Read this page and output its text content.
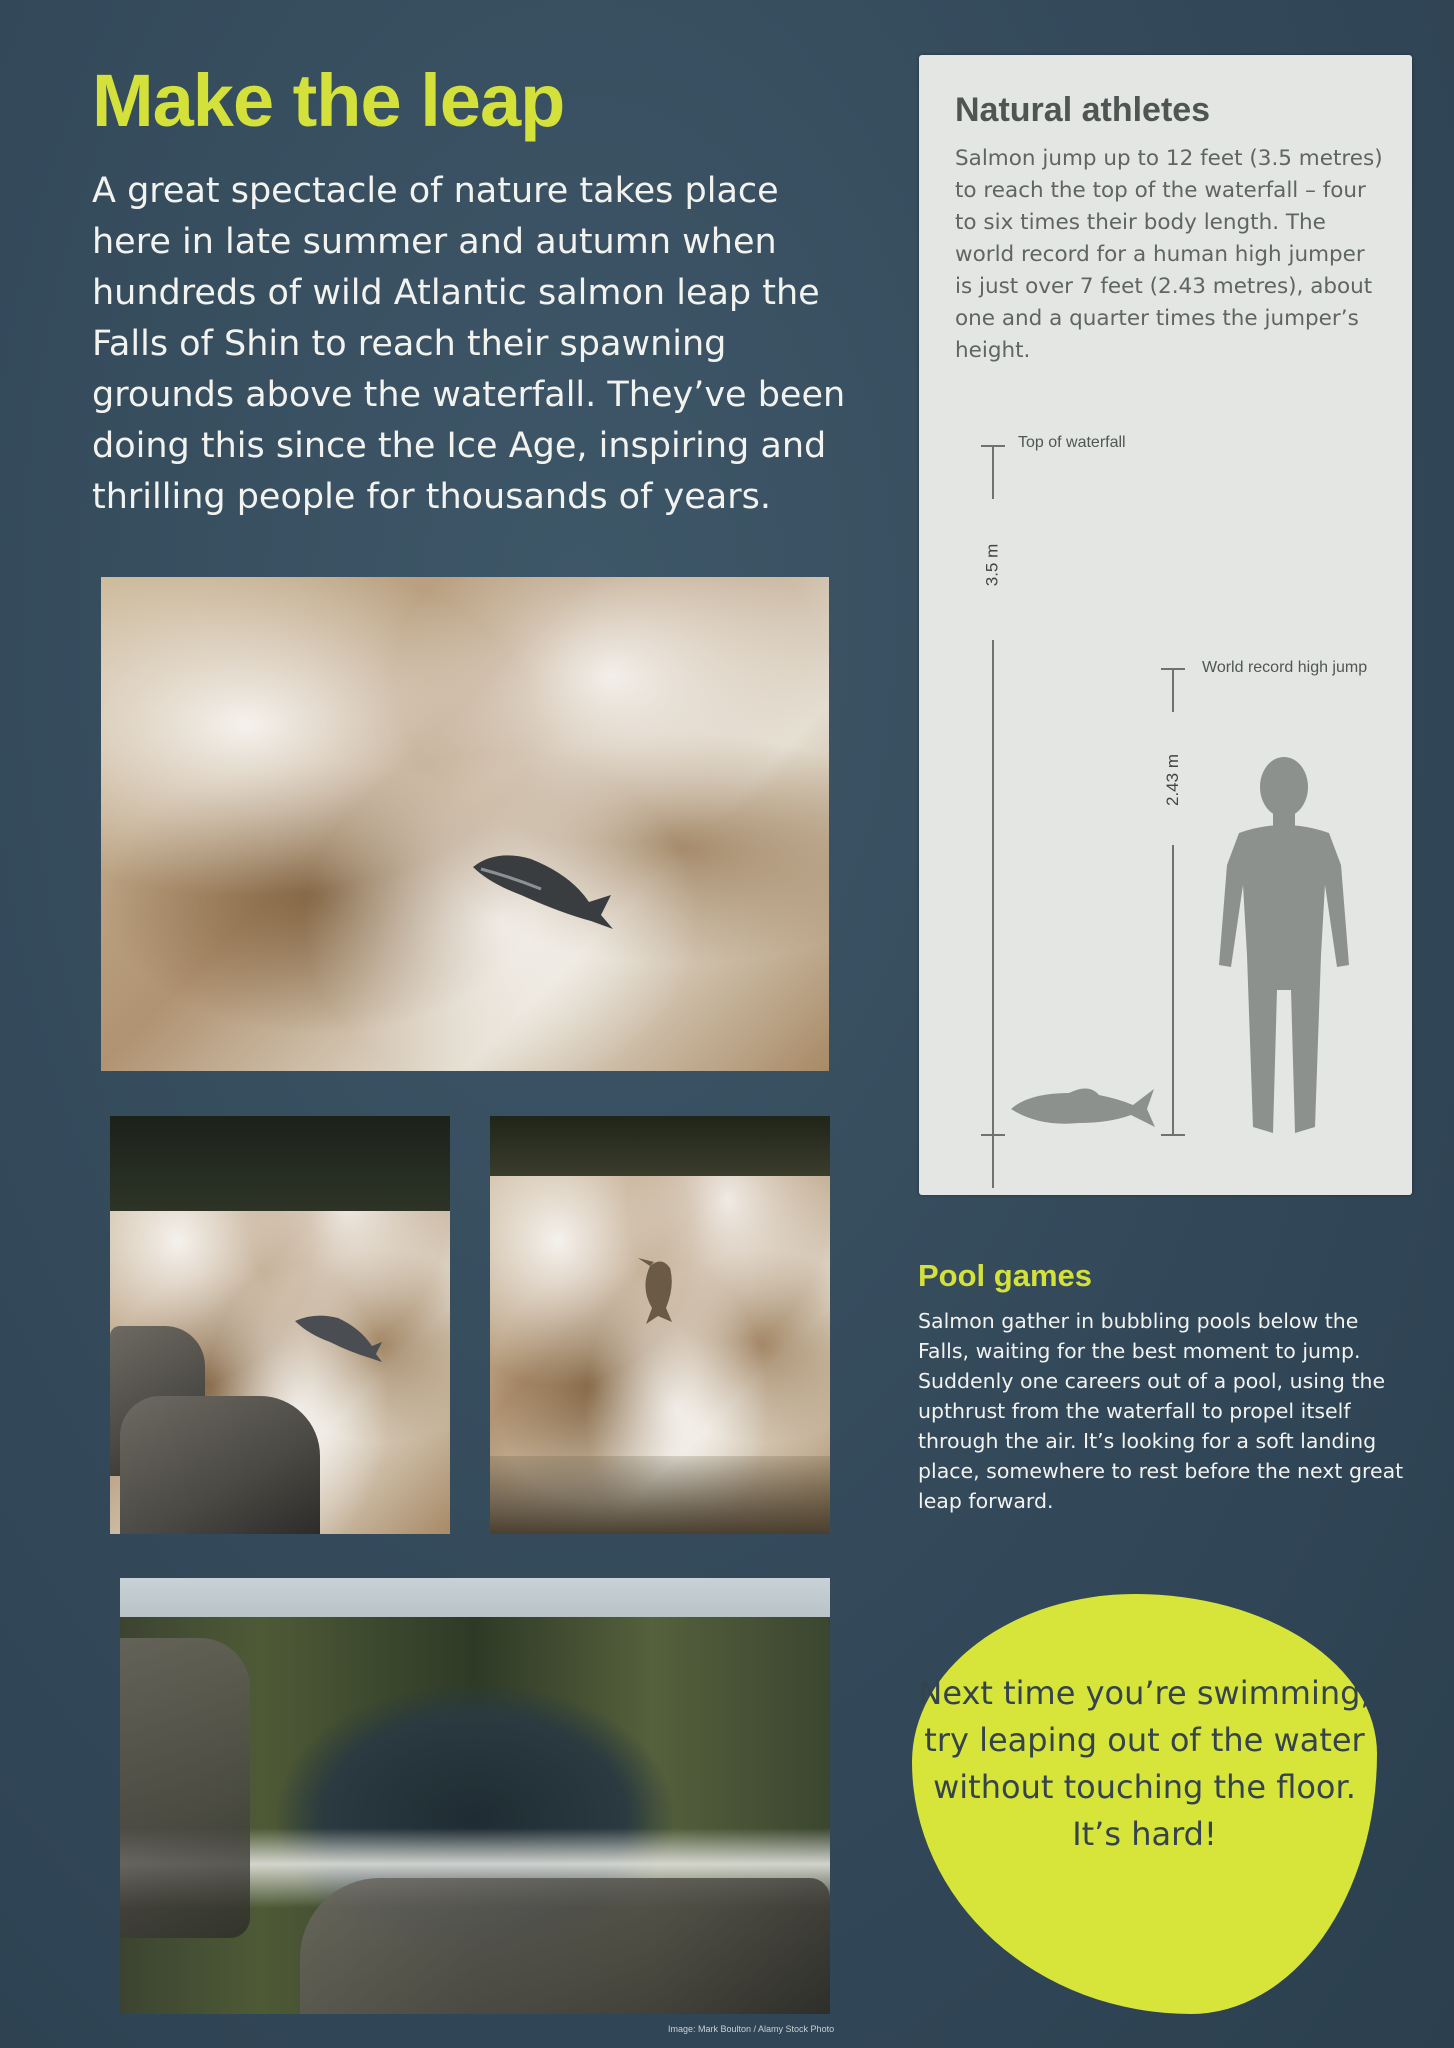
Make the leap

A great spectacle of nature takes place here in late summer and autumn when hundreds of wild Atlantic salmon leap the Falls of Shin to reach their spawning grounds above the waterfall. They’ve been doing this since the Ice Age, inspiring and thrilling people for thousands of years.

Natural athletes

Salmon jump up to 12 feet (3.5 metres) to reach the top of the waterfall – four to six times their body length. The world record for a human high jumper is just over 7 feet (2.43 metres), about one and a quarter times the jumper’s height.

3.5 m
Top of waterfall
2.43 m
World record high jump
Pool games

Salmon gather in bubbling pools below the Falls, waiting for the best moment to jump. Suddenly one careers out of a pool, using the upthrust from the waterfall to propel itself through the air. It’s looking for a soft landing place, somewhere to rest before the next great leap forward.

Next time you’re swimming, try leaping out of the water without touching the floor. It’s hard!

Image: Mark Boulton / Alamy Stock Photo
